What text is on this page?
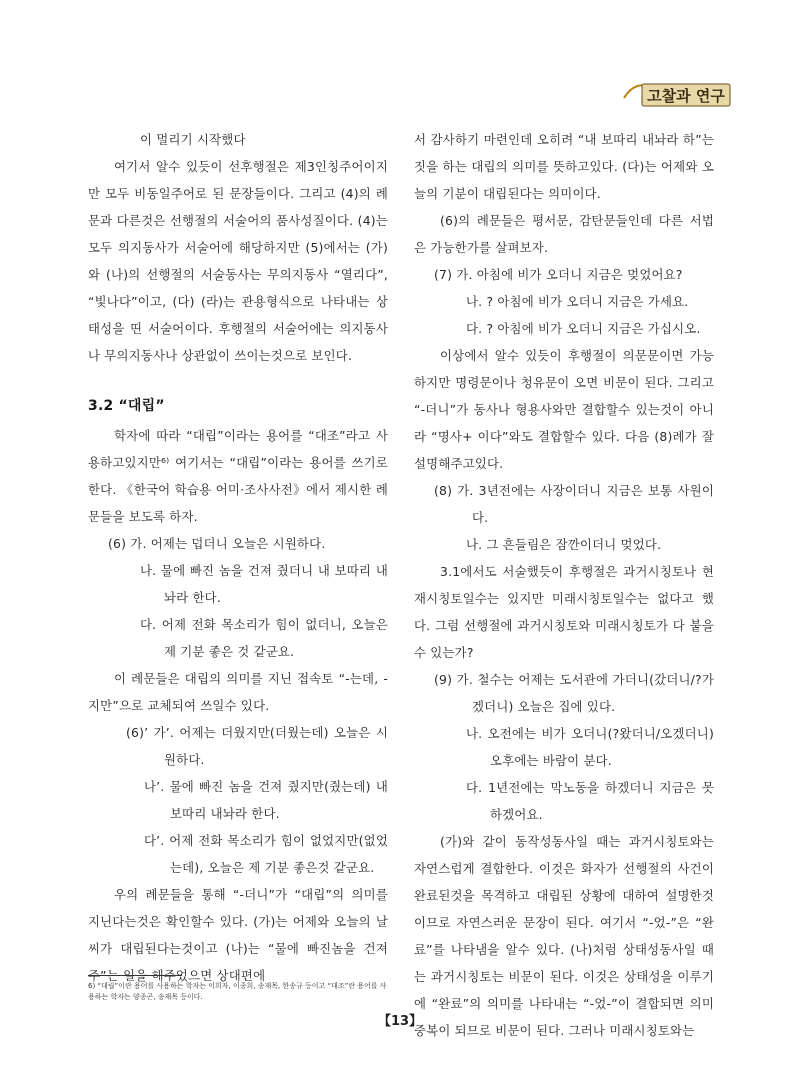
고찰과 연구

이 멀리기 시작했다

여기서 알수 있듯이 선후행절은 제3인칭주어이지만 모두 비동일주어로 된 문장들이다. 그리고 (4)의 례문과 다른것은 선행절의 서술어의 품사성질이다. (4)는 모두 의지동사가 서술어에 해당하지만 (5)에서는 (가)와 (나)의 선행절의 서술동사는 무의지동사 “열리다”, “빛나다”이고, (다) (라)는 관용형식으로 나타내는 상태성을 띤 서술어이다. 후행절의 서술어에는 의지동사나 무의지동사나 상관없이 쓰이는것으로 보인다.

3.2 “대립”

학자에 따라 “대립”이라는 용어를 “대조”라고 사용하고있지만⁶⁾ 여기서는 “대립”이라는 용어를 쓰기로 한다. 《한국어 학습용 어미·조사사전》에서 제시한 례문들을 보도록 하자.

(6) 가. 어제는 덥더니 오늘은 시원하다.

나. 물에 빠진 놈을 건져 줬더니 내 보따리 내놔라 한다.

다. 어제 전화 목소리가 힘이 없더니, 오늘은 제 기분 좋은 것 같군요.

이 례문들은 대립의 의미를 지닌 접속토 “-는데, -지만”으로 교체되여 쓰일수 있다.

(6)’ 가’. 어제는 더웠지만(더웠는데) 오늘은 시원하다.

나’. 물에 빠진 놈을 건져 줬지만(줬는데) 내 보따리 내놔라 한다.

다’. 어제 전화 목소리가 힘이 없었지만(없었는데), 오늘은 제 기분 좋은것 같군요.

우의 례문들을 통해 “-더니”가 “대립”의 의미를 지닌다는것은 확인할수 있다. (가)는 어제와 오늘의 날씨가 대립된다는것이고 (나)는 “물에 빠진놈을 건져주”는 일을 해주었으면 상대편에

서 감사하기 마련인데 오히려 “내 보따리 내놔라 하”는 짓을 하는 대립의 의미를 뜻하고있다. (다)는 어제와 오늘의 기분이 대립된다는 의미이다.

(6)의 례문들은 평서문, 감탄문들인데 다른 서법은 가능한가를 살펴보자.

(7) 가. 아침에 비가 오더니 지금은 멎었어요?

나. ? 아침에 비가 오더니 지금은 가세요.

다. ? 아침에 비가 오더니 지금은 가십시오.

이상에서 알수 있듯이 후행절이 의문문이면 가능하지만 명령문이나 청유문이 오면 비문이 된다. 그리고 “-더니”가 동사나 형용사와만 결합할수 있는것이 아니라 “명사+ 이다”와도 결합할수 있다. 다음 (8)례가 잘 설명해주고있다.

(8) 가. 3년전에는 사장이더니 지금은 보통 사원이다.

나. 그 흔들림은 잠깐이더니 멎었다.

3.1에서도 서술했듯이 후행절은 과거시칭토나 현재시칭토일수는 있지만 미래시칭토일수는 없다고 했다. 그럼 선행절에 과거시칭토와 미래시칭토가 다 붙을수 있는가?

(9) 가. 철수는 어제는 도서관에 가더니(갔더니/?가겠더니) 오늘은 집에 있다.

나. 오전에는 비가 오더니(?왔더니/오겠더니) 오후에는 바람이 분다.

다. 1년전에는 막노동을 하겠더니 지금은 못 하겠어요.

(가)와 같이 동작성동사일 때는 과거시칭토와는 자연스럽게 결합한다. 이것은 화자가 선행절의 사건이 완료된것을 목격하고 대립된 상황에 대하여 설명한것이므로 자연스러운 문장이 된다. 여기서 “-었-”은 “완료”를 나타냄을 알수 있다. (나)처럼 상태성동사일 때는 과거시칭토는 비문이 된다. 이것은 상태성을 이루기에 “완료”의 의미를 나타내는 “-었-”이 결합되면 의미중복이 되므로 비문이 된다. 그러나 미래시칭토와는

6) “대립”이란 용어를 사용하는 학자는 이희자, 이종희, 송재목, 한송규 등이고 “대조”란 용어를 사용하는 학자는 양종곤, 송재목 등이다.
【13】
